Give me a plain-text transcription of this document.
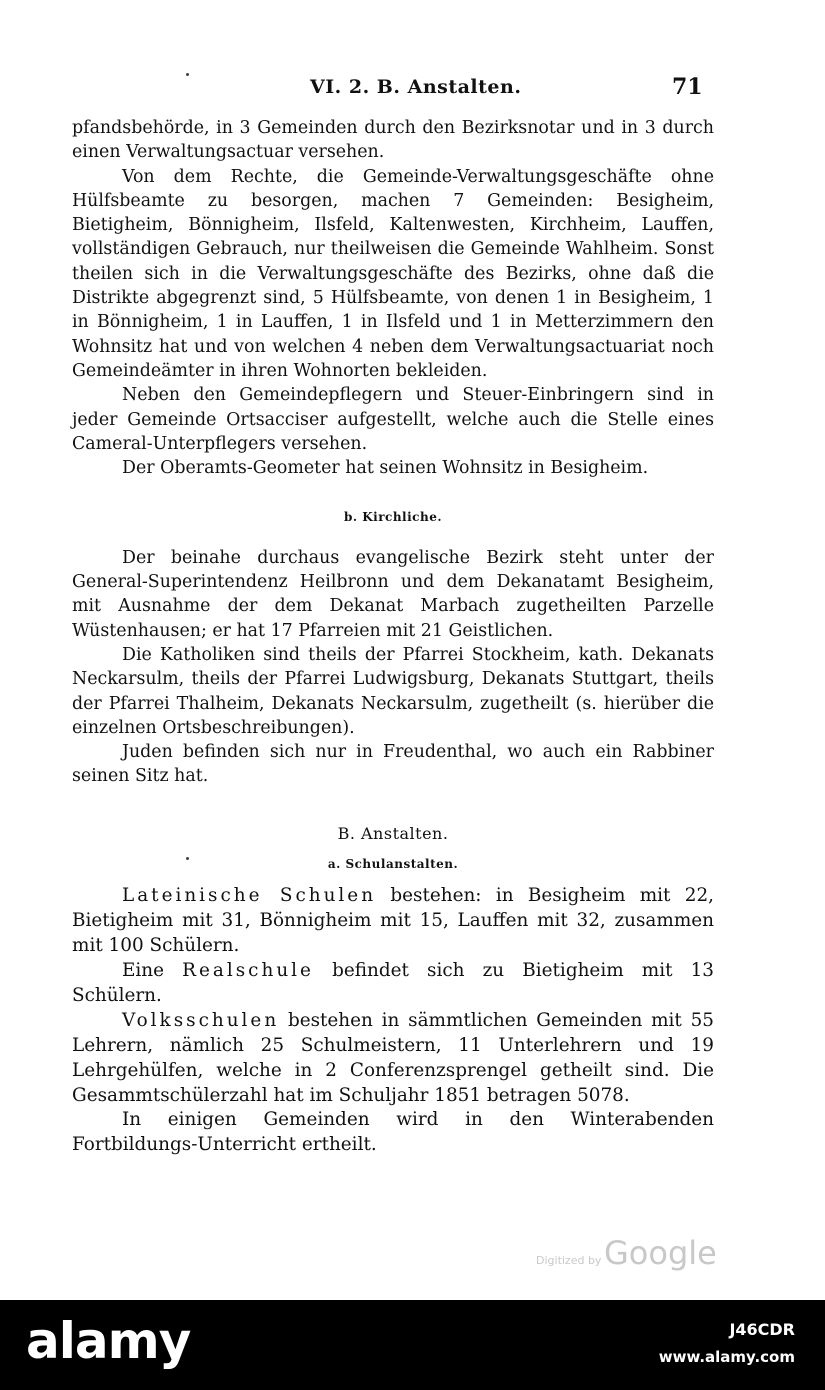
VI. 2. B. Anstalten.	71

pfandsbehörde, in 3 Gemeinden durch den Bezirksnotar und in 3 durch einen Verwaltungsactuar versehen.

Von dem Rechte, die Gemeinde-Verwaltungsgeschäfte ohne Hülfsbeamte zu besorgen, machen 7 Gemeinden: Besigheim, Bietigheim, Bönnigheim, Ilsfeld, Kaltenwesten, Kirchheim, Lauffen, vollständigen Gebrauch, nur theilweisen die Gemeinde Wahlheim. Sonst theilen sich in die Verwaltungsgeschäfte des Bezirks, ohne daß die Distrikte abgegrenzt sind, 5 Hülfsbeamte, von denen 1 in Besigheim, 1 in Bönnigheim, 1 in Lauffen, 1 in Ilsfeld und 1 in Metterzimmern den Wohnsitz hat und von welchen 4 neben dem Verwaltungsactuariat noch Gemeindeämter in ihren Wohnorten bekleiden.

Neben den Gemeindepflegern und Steuer-Einbringern sind in jeder Gemeinde Ortsacciser aufgestellt, welche auch die Stelle eines Cameral-Unterpflegers versehen.

Der Oberamts-Geometer hat seinen Wohnsitz in Besigheim.

b. Kirchliche.

Der beinahe durchaus evangelische Bezirk steht unter der General-Superintendenz Heilbronn und dem Dekanatamt Besigheim, mit Ausnahme der dem Dekanat Marbach zugetheilten Parzelle Wüstenhausen; er hat 17 Pfarreien mit 21 Geistlichen.

Die Katholiken sind theils der Pfarrei Stockheim, kath. Dekanats Neckarsulm, theils der Pfarrei Ludwigsburg, Dekanats Stuttgart, theils der Pfarrei Thalheim, Dekanats Neckarsulm, zugetheilt (s. hierüber die einzelnen Ortsbeschreibungen).

Juden befinden sich nur in Freudenthal, wo auch ein Rabbiner seinen Sitz hat.

B. Anstalten.
a. Schulanstalten.

Lateinische Schulen bestehen: in Besigheim mit 22, Bietigheim mit 31, Bönnigheim mit 15, Lauffen mit 32, zusammen mit 100 Schülern.

Eine Realschule befindet sich zu Bietigheim mit 13 Schülern.

Volksschulen bestehen in sämmtlichen Gemeinden mit 55 Lehrern, nämlich 25 Schulmeistern, 11 Unterlehrern und 19 Lehrgehülfen, welche in 2 Conferenzsprengel getheilt sind. Die Gesammtschülerzahl hat im Schuljahr 1851 betragen 5078.

In einigen Gemeinden wird in den Winterabenden Fortbildungs-Unterricht ertheilt.

Digitized by Google
alamy	J46CDR
www.alamy.com
